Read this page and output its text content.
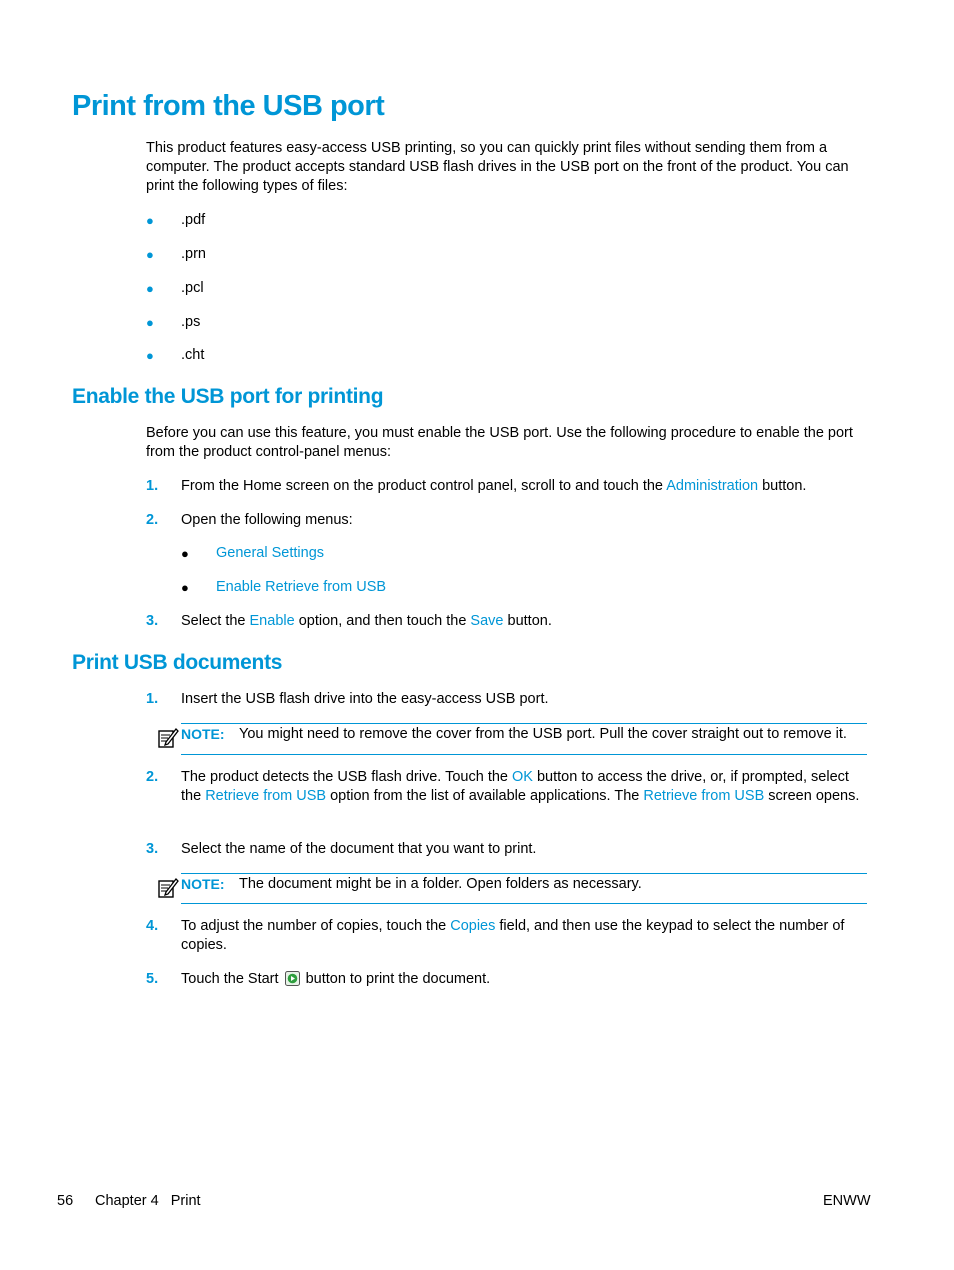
Print from the USB port

This product features easy-access USB printing, so you can quickly print files without sending them from a computer. The product accepts standard USB flash drives in the USB port on the front of the product. You can print the following types of files:

● .pdf
● .prn
● .pcl
● .ps
● .cht
Enable the USB port for printing

Before you can use this feature, you must enable the USB port. Use the following procedure to enable the port from the product control-panel menus:

1. From the Home screen on the product control panel, scroll to and touch the Administration button.
2. Open the following menus:
● General Settings
● Enable Retrieve from USB
3. Select the Enable option, and then touch the Save button.
Print USB documents
1. Insert the USB flash drive into the easy-access USB port.
NOTE: You might need to remove the cover from the USB port. Pull the cover straight out to remove it.
2. The product detects the USB flash drive. Touch the OK button to access the drive, or, if prompted, select the Retrieve from USB option from the list of available applications. The Retrieve from USB screen opens.
3. Select the name of the document that you want to print.
NOTE: The document might be in a folder. Open folders as necessary.
4. To adjust the number of copies, touch the Copies field, and then use the keypad to select the number of copies.
5. Touch the Start  button to print the document.
56 Chapter 4   Print	ENWW
